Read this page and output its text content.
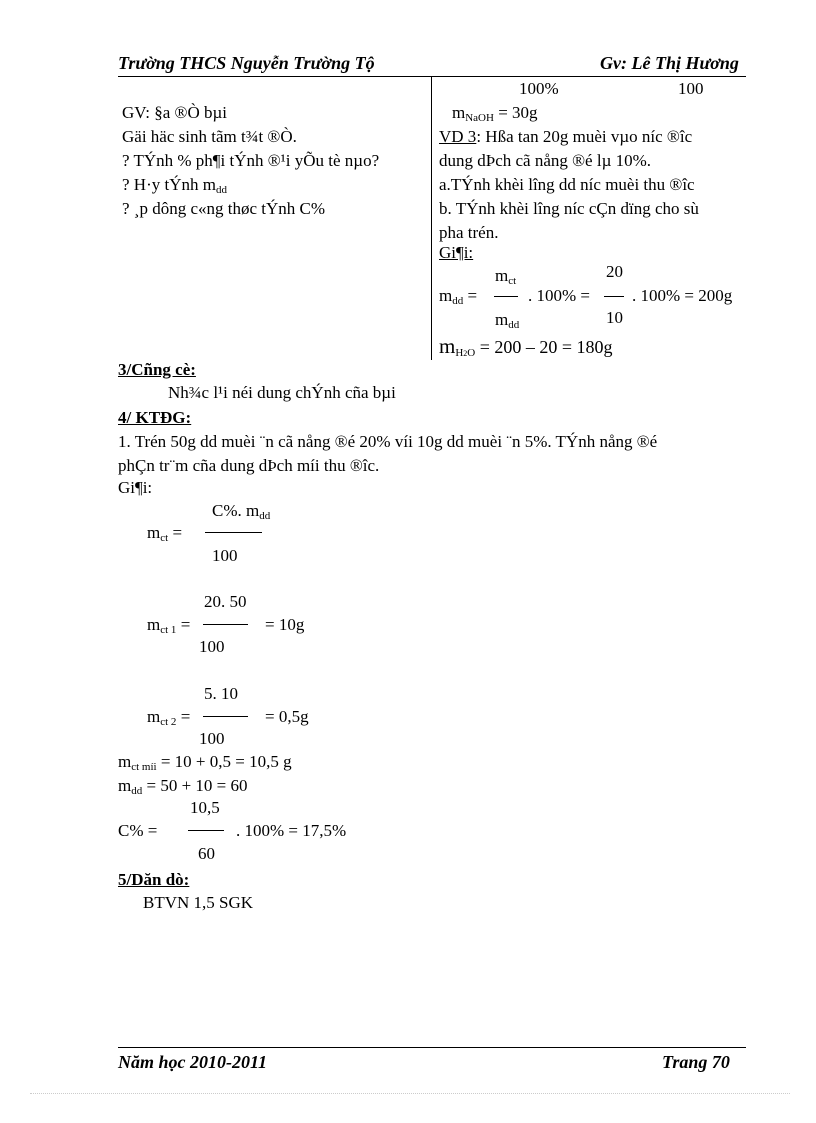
Trường THCS Nguyễn Trường Tộ	Gv: Lê Thị Hương
GV: §a ®Ò bµi
Gäi häc sinh tãm t¾t ®Ò.
? TÝnh % ph¶i tÝnh ®¹i yÕu tè nµo?
? H·y tÝnh $m_{dd}$
? ¸p dông c«ng thøc tÝnh C%
100%	100
$m_{NaOH} = 30g$
VD 3: Hßa tan 20g muèi vµo níc ®îc
dung dÞch cã nång ®é lµ 10%.
a.TÝnh khèi lîng dd níc muèi thu ®îc
b. TÝnh khèi lîng níc cÇn dïng cho sù
pha trén.
Gi¶i:
$m_{ct}$	20
$m_{dd}$ =	. 100% = . 100% = 200g
$m_{dd}$	10
$m_{H2O} = 200 - 20 = 180g$
3/Cñng cè:
Nh¾c l¹i néi dung chÝnh cña bµi
4/ KTĐG:
1. Trén 50g dd muèi ¨n cã nång ®é 20% víi 10g dd muèi ¨n 5%. TÝnh nång ®é
phÇn tr¨m cña dung dÞch míi thu ®îc.
Gi¶i:
C%. $m_{dd}$
$m_{ct}$ =
100
20. 50
$m_{ct 1}$ =	= 10g
100
5. 10
$m_{ct 2}$ =	= 0,5g
100
$m_{ct míi} = 10 + 0,5 = 10,5$ g
$m_{dd} = 50 + 10 = 60$
10,5
C% =	. 100% = 17,5%
60
5/Dăn dò:
BTVN 1,5 SGK
Năm học 2010-2011	Trang 70
